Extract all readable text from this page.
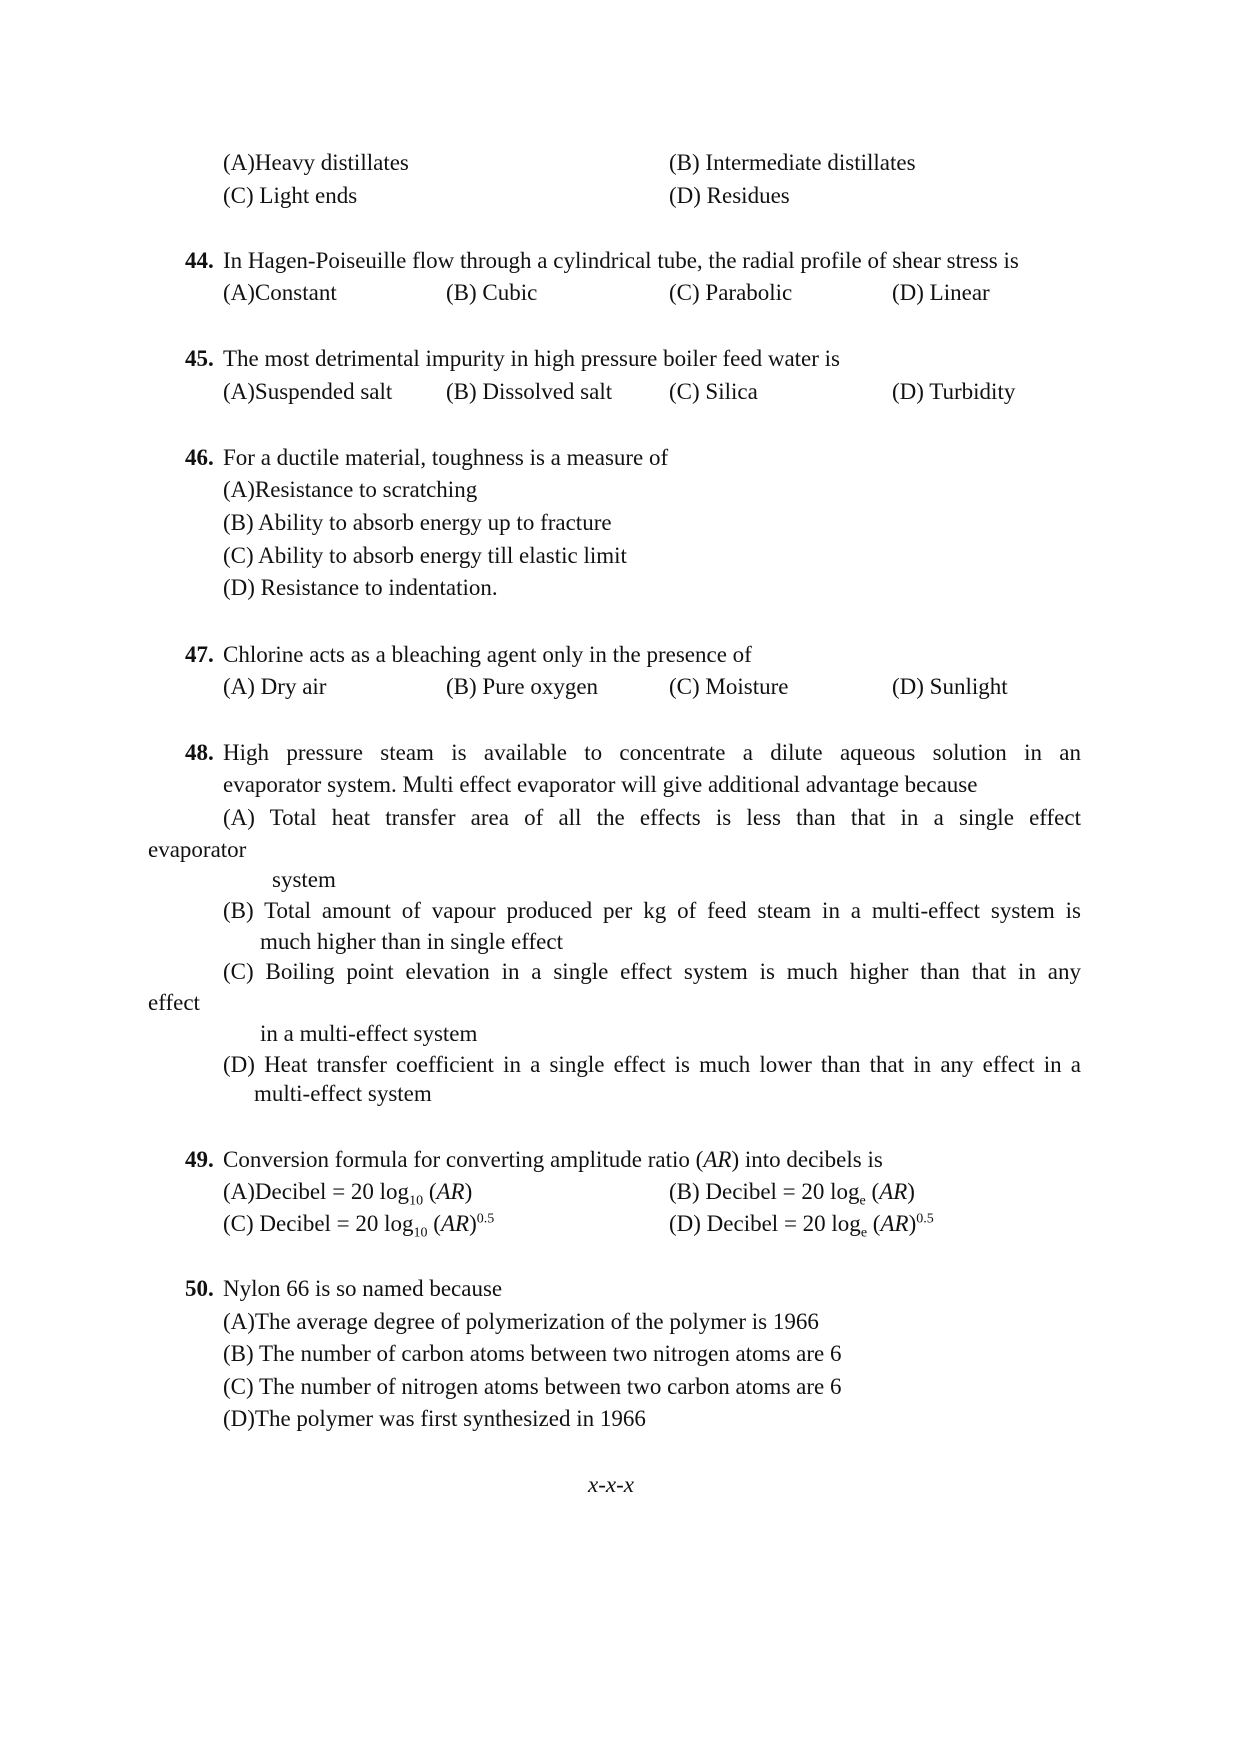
(A)Heavy distillates	(B) Intermediate distillates
(C) Light ends	(D) Residues
44. In Hagen-Poiseuille flow through a cylindrical tube, the radial profile of shear stress is
(A)Constant	(B) Cubic	(C) Parabolic	(D) Linear
45. The most detrimental impurity in high pressure boiler feed water is
(A)Suspended salt (B) Dissolved salt (C) Silica	(D) Turbidity
46. For a ductile material, toughness is a measure of
(A)Resistance to scratching
(B) Ability to absorb energy up to fracture
(C) Ability to absorb energy till elastic limit
(D) Resistance to indentation.
47. Chlorine acts as a bleaching agent only in the presence of
(A) Dry air	(B) Pure oxygen	(C) Moisture	(D) Sunlight
48. High pressure steam is available to concentrate a dilute aqueous solution in an
evaporator system. Multi effect evaporator will give additional advantage because
(A) Total heat transfer area of all the effects is less than that in a single effect
evaporator
system
(B) Total amount of vapour produced per kg of feed steam in a multi-effect system is
much higher than in single effect
(C) Boiling point elevation in a single effect system is much higher than that in any
effect
in a multi-effect system
(D) Heat transfer coefficient in a single effect is much lower than that in any effect in a
multi-effect system
49. Conversion formula for converting amplitude ratio (AR) into decibels is
(A)Decibel = 20 $\log_{10} (AR)$	(B) Decibel = 20 $\log_e (AR)$
(C) Decibel = 20 $\log_{10} (AR)^{0.5}$	(D) Decibel = 20 $\log_e (AR)^{0.5}$
50. Nylon 66 is so named because
(A)The average degree of polymerization of the polymer is 1966
(B) The number of carbon atoms between two nitrogen atoms are 6
(C) The number of nitrogen atoms between two carbon atoms are 6
(D)The polymer was first synthesized in 1966
x-x-x
